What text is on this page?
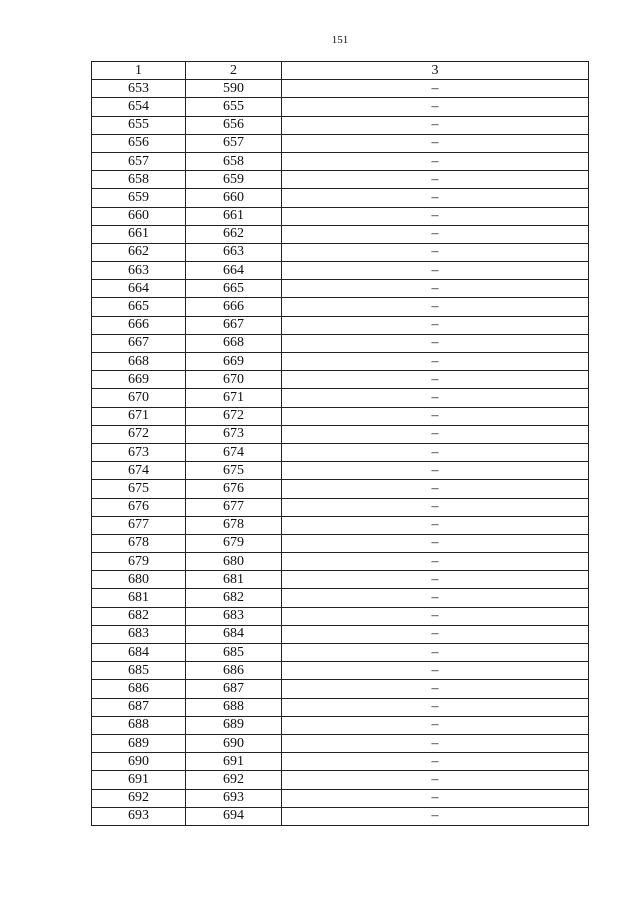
151
1	2	3
653	590	–
654	655	–
655	656	–
656	657	–
657	658	–
658	659	–
659	660	–
660	661	–
661	662	–
662	663	–
663	664	–
664	665	–
665	666	–
666	667	–
667	668	–
668	669	–
669	670	–
670	671	–
671	672	–
672	673	–
673	674	–
674	675	–
675	676	–
676	677	–
677	678	–
678	679	–
679	680	–
680	681	–
681	682	–
682	683	–
683	684	–
684	685	–
685	686	–
686	687	–
687	688	–
688	689	–
689	690	–
690	691	–
691	692	–
692	693	–
693	694	–
